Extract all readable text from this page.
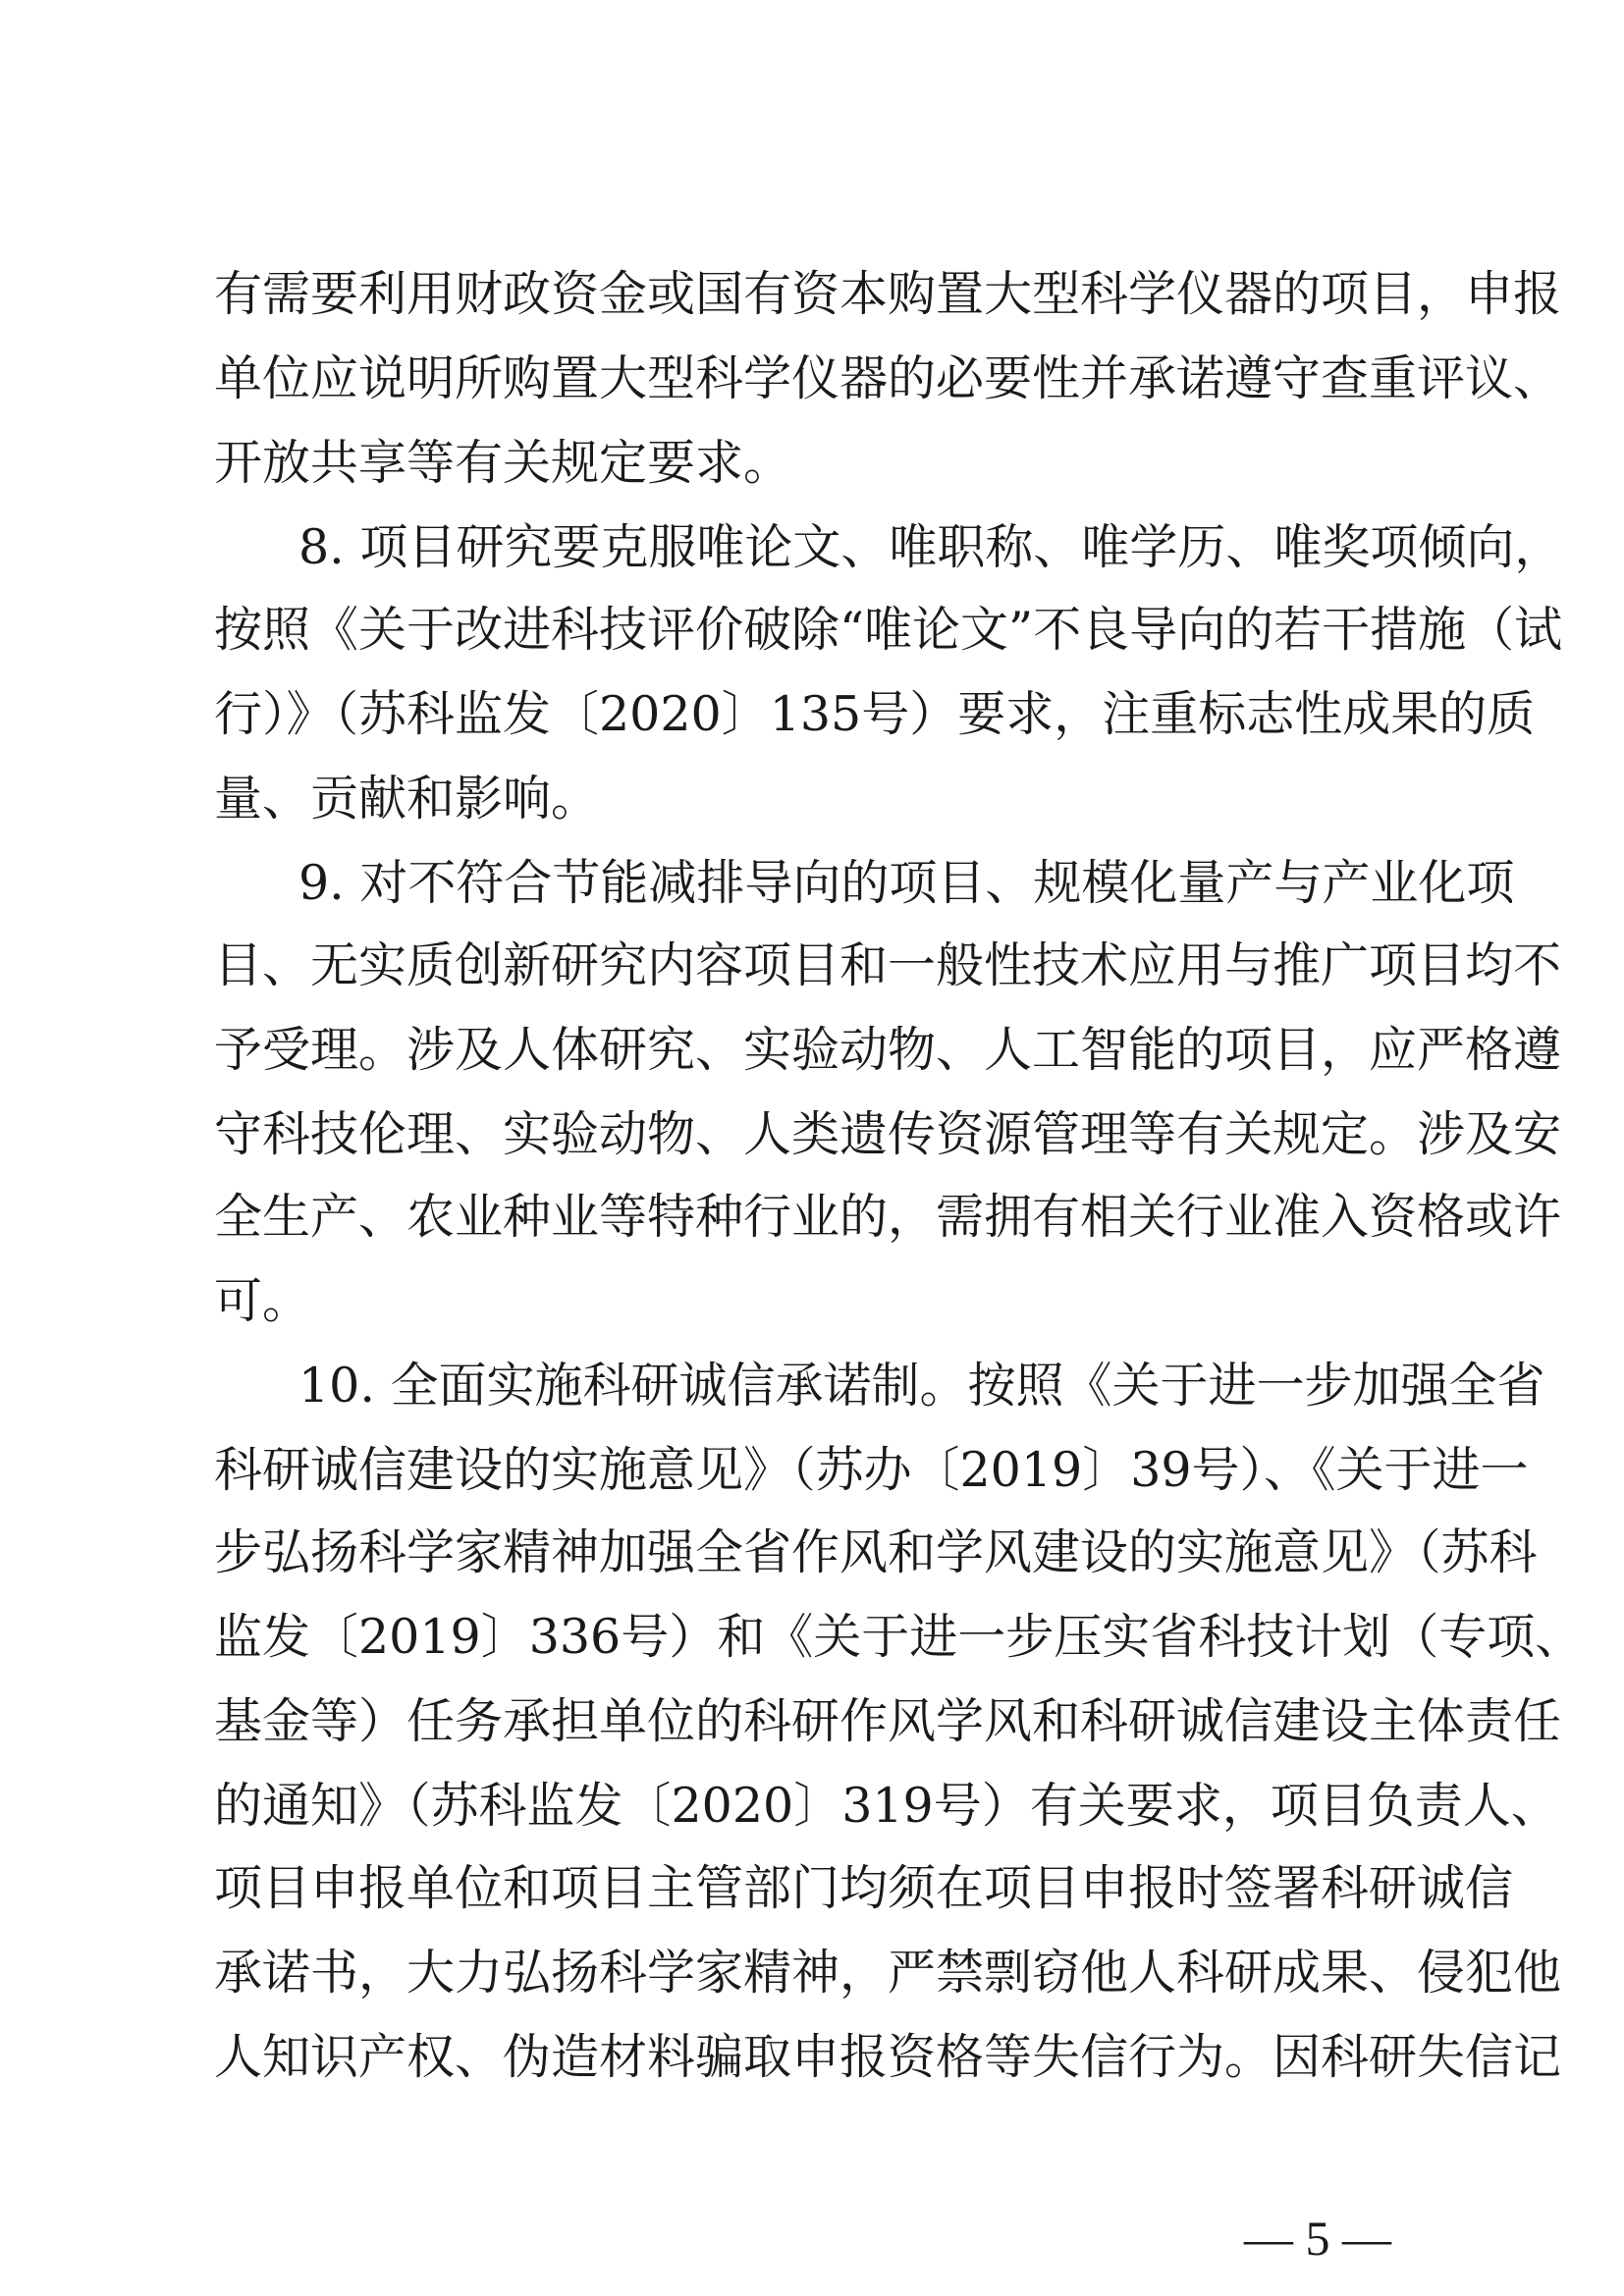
有需要利用财政资金或国有资本购置大型科学仪器的项目，申报
单位应说明所购置大型科学仪器的必要性并承诺遵守查重评议、
开放共享等有关规定要求。
8. 项目研究要克服唯论文、唯职称、唯学历、唯奖项倾向，
按照《关于改进科技评价破除“唯论文”不良导向的若干措施（试
行）》（苏科监发〔2020〕135号）要求，注重标志性成果的质
量、贡献和影响。
9. 对不符合节能减排导向的项目、规模化量产与产业化项
目、无实质创新研究内容项目和一般性技术应用与推广项目均不
予受理。涉及人体研究、实验动物、人工智能的项目，应严格遵
守科技伦理、实验动物、人类遗传资源管理等有关规定。涉及安
全生产、农业种业等特种行业的，需拥有相关行业准入资格或许
可。
10. 全面实施科研诚信承诺制。按照《关于进一步加强全省
科研诚信建设的实施意见》（苏办〔2019〕39号）、《关于进一
步弘扬科学家精神加强全省作风和学风建设的实施意见》（苏科
监发〔2019〕336号）和《关于进一步压实省科技计划（专项、
基金等）任务承担单位的科研作风学风和科研诚信建设主体责任
的通知》（苏科监发〔2020〕319号）有关要求，项目负责人、
项目申报单位和项目主管部门均须在项目申报时签署科研诚信
承诺书，大力弘扬科学家精神，严禁剽窃他人科研成果、侵犯他
人知识产权、伪造材料骗取申报资格等失信行为。因科研失信记
— 5 —
